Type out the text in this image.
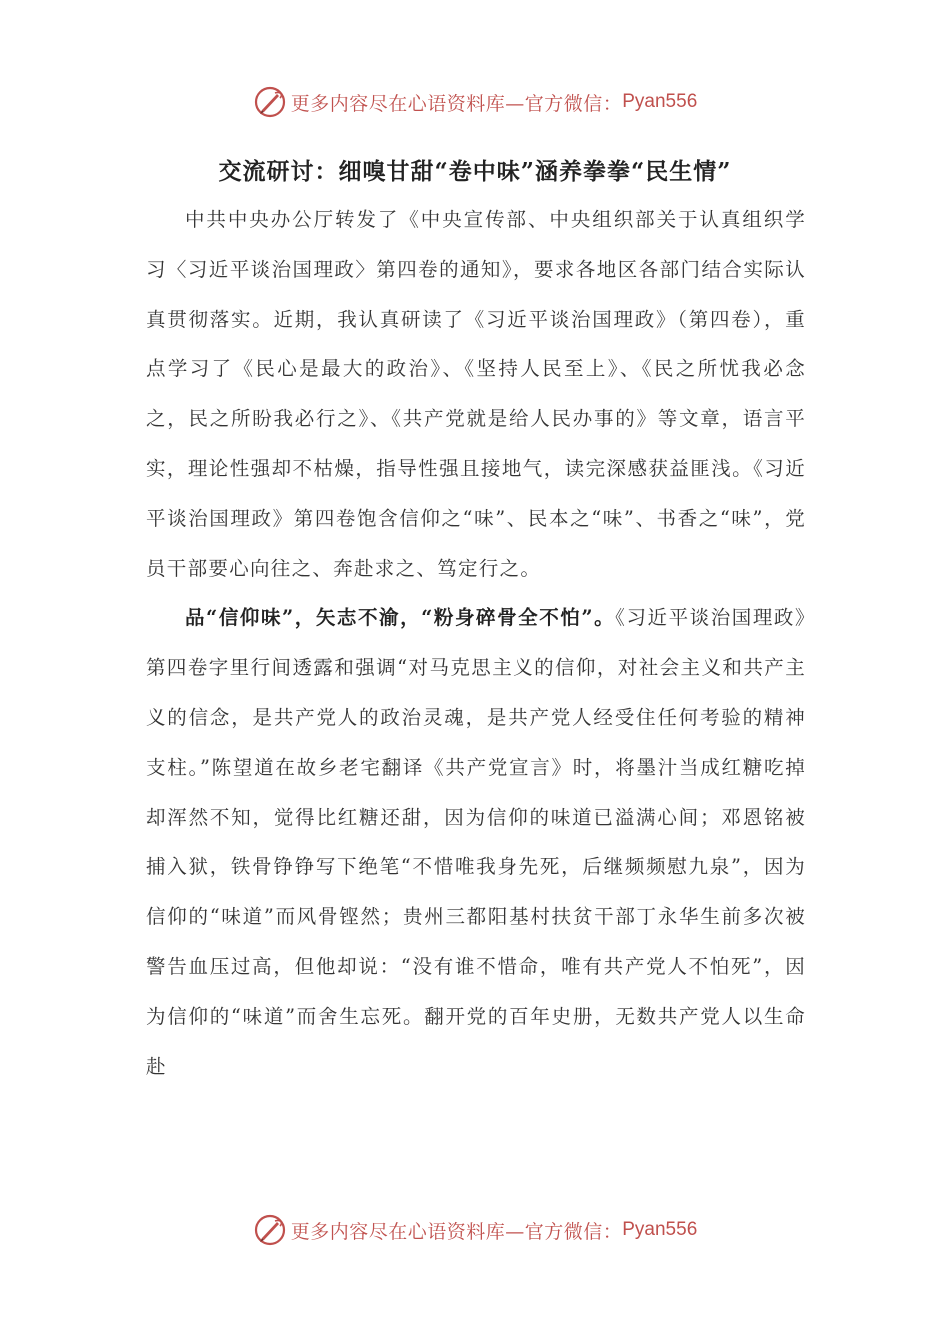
更多内容尽在心语资料库—官方微信： Pyan556
交流研讨：细嗅甘甜“卷中味”涵养拳拳“民生情”

中共中央办公厅转发了《中央宣传部、中央组织部关于认真组织学习〈习近平谈治国理政〉第四卷的通知》，要求各地区各部门结合实际认真贯彻落实。近期，我认真研读了《习近平谈治国理政》（第四卷），重点学习了《民心是最大的政治》、《坚持人民至上》、《民之所忧我必念之，民之所盼我必行之》、《共产党就是给人民办事的》等文章，语言平实，理论性强却不枯燥，指导性强且接地气，读完深感获益匪浅。《习近平谈治国理政》第四卷饱含信仰之“味”、民本之“味”、书香之“味”，党员干部要心向往之、奔赴求之、笃定行之。

品“信仰味”，矢志不渝，“粉身碎骨全不怕”。《习近平谈治国理政》第四卷字里行间透露和强调“对马克思主义的信仰，对社会主义和共产主义的信念，是共产党人的政治灵魂，是共产党人经受住任何考验的精神支柱。”陈望道在故乡老宅翻译《共产党宣言》时，将墨汁当成红糖吃掉却浑然不知，觉得比红糖还甜，因为信仰的味道已溢满心间；邓恩铭被捕入狱，铁骨铮铮写下绝笔“不惜唯我身先死，后继频频慰九泉”，因为信仰的“味道”而风骨铿然；贵州三都阳基村扶贫干部丁永华生前多次被警告血压过高，但他却说：“没有谁不惜命，唯有共产党人不怕死”，因为信仰的“味道”而舍生忘死。翻开党的百年史册，无数共产党人以生命赴

更多内容尽在心语资料库—官方微信： Pyan556
